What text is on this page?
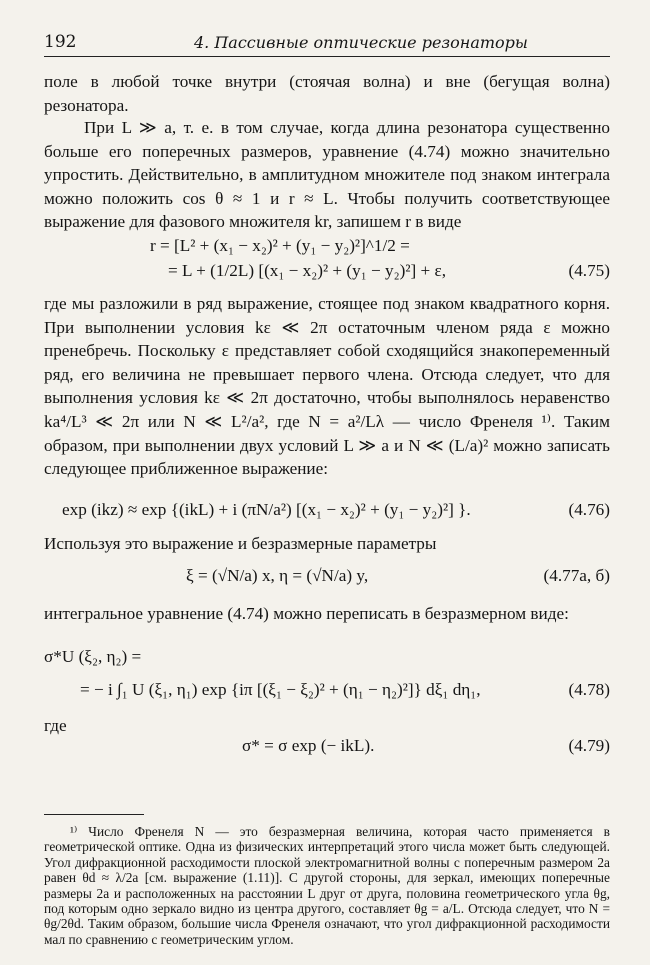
192	4. Пассивные оптические резонаторы

поле в любой точке внутри (стоячая волна) и вне (бегущая волна) резонатора.

При L ≫ a, т. е. в том случае, когда длина резонатора существенно больше его поперечных размеров, уравнение (4.74) можно значительно упростить. Действительно, в амплитудном множителе под знаком интеграла можно положить cos θ ≈ 1 и r ≈ L. Чтобы получить соответствующее выражение для фазового множителя kr, запишем r в виде

r = [L² + (x₁ − x₂)² + (y₁ − y₂)²]^1/2 =
= L + (1/2L) [(x₁ − x₂)² + (y₁ − y₂)²] + ε,	(4.75)

где мы разложили в ряд выражение, стоящее под знаком квадратного корня. При выполнении условия kε ≪ 2π остаточным членом ряда ε можно пренебречь. Поскольку ε представляет собой сходящийся знакопеременный ряд, его величина не превышает первого члена. Отсюда следует, что для выполнения условия kε ≪ 2π достаточно, чтобы выполнялось неравенство ka⁴/L³ ≪ 2π или N ≪ L²/a², где N = a²/Lλ — число Френеля ¹⁾. Таким образом, при выполнении двух условий L ≫ a и N ≪ (L/a)² можно записать следующее приближенное выражение:

exp (ikz) ≈ exp {(ikL) + i (πN/a²) [(x₁ − x₂)² + (y₁ − y₂)²] }.	(4.76)

Используя это выражение и безразмерные параметры

ξ = (√N/a) x, η = (√N/a) y,	(4.77а, б)

интегральное уравнение (4.74) можно переписать в безразмерном виде:

σ*U (ξ₂, η₂) =
= − i ∫₁ U (ξ₁, η₁) exp {iπ [(ξ₁ − ξ₂)² + (η₁ − η₂)²]} dξ₁ dη₁,	(4.78)

где

σ* = σ exp (− ikL).	(4.79)

¹⁾ Число Френеля N — это безразмерная величина, которая часто применяется в геометрической оптике. Одна из физических интерпретаций этого числа может быть следующей. Угол дифракционной расходимости плоской электромагнитной волны с поперечным размером 2a равен θd ≈ λ/2a [см. выражение (1.11)]. С другой стороны, для зеркал, имеющих поперечные размеры 2a и расположенных на расстоянии L друг от друга, половина геометрического угла θg, под которым одно зеркало видно из центра другого, составляет θg = a/L. Отсюда следует, что N = θg/2θd. Таким образом, большие числа Френеля означают, что угол дифракционной расходимости мал по сравнению с геометрическим углом.
